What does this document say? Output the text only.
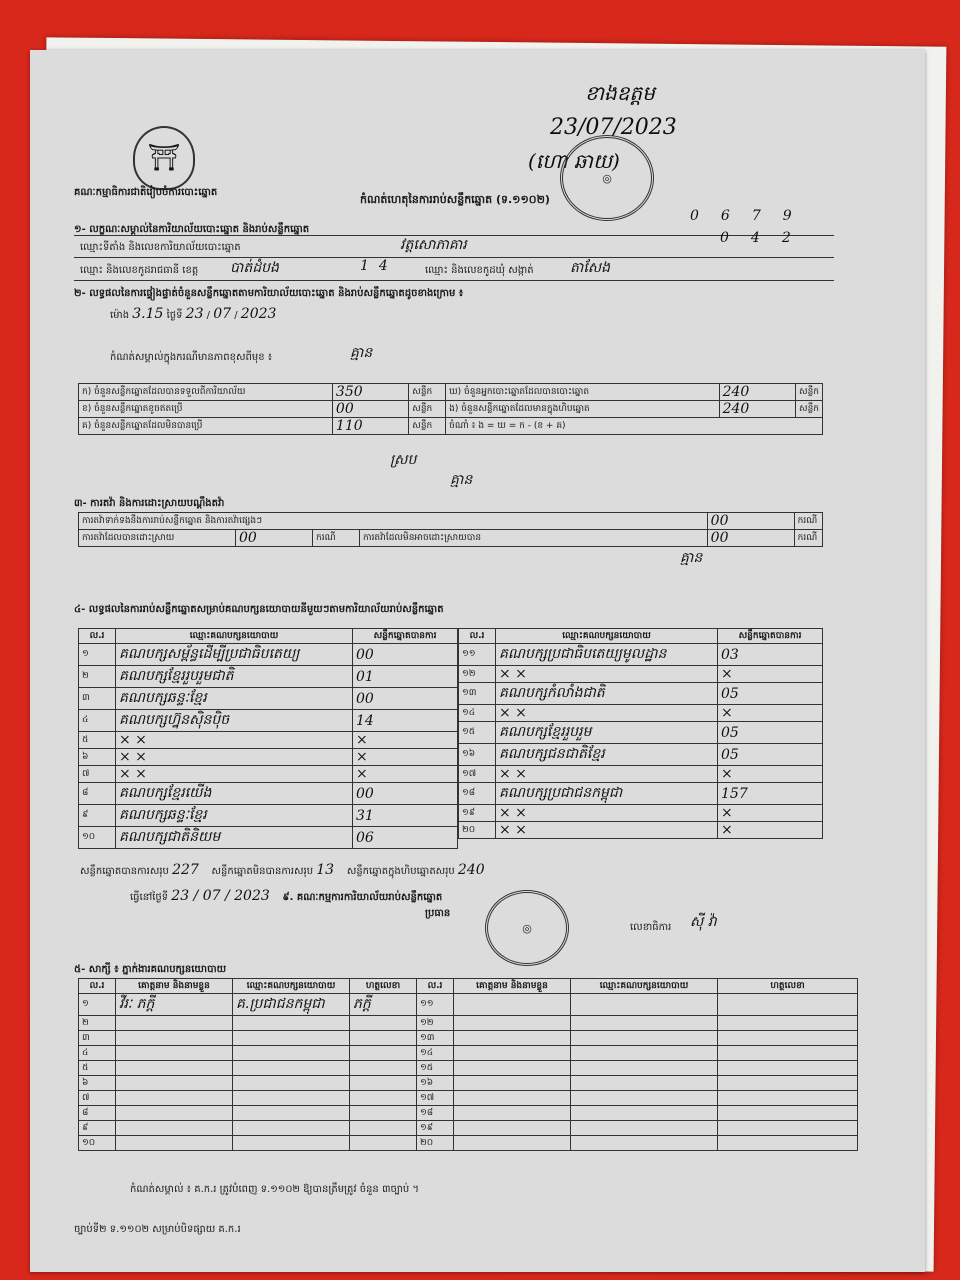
⛩
គណៈកម្មាធិការជាតិរៀបចំការបោះឆ្នោត
កំណត់ហេតុនៃការរាប់សន្លឹកឆ្នោត (ទ.១១០២)
ខាងឧត្តម
23/07/2023
(ហោ ឆាយ)
◎
១- លក្ខណៈសម្គាល់នៃការិយាល័យបោះឆ្នោត និងរាប់សន្លឹកឆ្នោត
ឈ្មោះទីតាំង និងលេខការិយាល័យបោះឆ្នោត	វត្តសោភាគារ
0679
ឈ្មោះ និងលេខកូដរាជធានី ខេត្ត បាត់ដំបង	14	ឈ្មោះ និងលេខកូដឃុំ សង្កាត់	តាសែង
042
២- លទ្ធផលនៃការផ្ទៀងផ្ទាត់ចំនួនសន្លឹកឆ្នោតតាមការិយាល័យបោះឆ្នោត និងរាប់សន្លឹកឆ្នោតដូចខាងក្រោម ៖
ម៉ោង 3.15 ថ្ងៃទី 23 / 07 / 2023
កំណត់សម្គាល់ក្នុងករណីមានភាពខុសពីមុខ ៖	គ្មាន
ក) ចំនួនសន្លឹកឆ្នោតដែលបានទទួលពីការិយាល័យ	350	សន្លឹក	ឃ) ចំនួនអ្នកបោះឆ្នោតដែលបានបោះឆ្នោត	240	សន្លឹក
ខ) ចំនួនសន្លឹកឆ្នោតខូចឥតប្រើ	00	សន្លឹក	ង) ចំនួនសន្លឹកឆ្នោតដែលមានក្នុងហិបឆ្នោត	240	សន្លឹក
គ) ចំនួនសន្លឹកឆ្នោតដែលមិនបានប្រើ	110	សន្លឹក	ចំណាំ ៖ ង = ឃ = ក - (ខ + គ)		
ស្រប
គ្មាន
៣- ការតវ៉ា និងការដោះស្រាយបណ្តឹងតវ៉ា
ការតវ៉ាទាក់ទងនឹងការរាប់សន្លឹកឆ្នោត និងការតវ៉ាផ្សេងៗ				00	ករណី
ការតវ៉ាដែលបានដោះស្រាយ	00	ករណី	ការតវ៉ាដែលមិនអាចដោះស្រាយបាន	00	ករណី
គ្មាន
៤- លទ្ធផលនៃការរាប់សន្លឹកឆ្នោតសម្រាប់គណបក្សនយោបាយនីមួយៗតាមការិយាល័យរាប់សន្លឹកឆ្នោត
ល.រ	ឈ្មោះគណបក្សនយោបាយ	សន្លឹកឆ្នោតបានការ
១	គណបក្សសម្ព័ន្ធដើម្បីប្រជាធិបតេយ្យ	00
២	គណបក្សខ្មែររួបរួមជាតិ	01
៣	គណបក្សឆន្ទៈខ្មែរ	00
៤	គណបក្សហ្វ៊ុនស៊ិនប៉ិច	14
៥	× ×	×
៦	× ×	×
៧	× ×	×
៨	គណបក្សខ្មែរយើង	00
៩	គណបក្សឆន្ទៈខ្មែរ	31
១០	គណបក្សជាតិនិយម	06
ល.រ	ឈ្មោះគណបក្សនយោបាយ	សន្លឹកឆ្នោតបានការ
១១	គណបក្សប្រជាធិបតេយ្យមូលដ្ឋាន	03
១២	× ×	×
១៣	គណបក្សកំលាំងជាតិ	05
១៤	× ×	×
១៥	គណបក្សខ្មែររួបរួម	05
១៦	គណបក្សជនជាតិខ្មែរ	05
១៧	× ×	×
១៨	គណបក្សប្រជាជនកម្ពុជា	157
១៩	× ×	×
២០	× ×	×
សន្លឹកឆ្នោតបានការសរុប 227 សន្លឹកឆ្នោតមិនបានការសរុប 13 សន្លឹកឆ្នោតក្នុងហិបឆ្នោតសរុប 240
ធ្វើនៅថ្ងៃទី 23 / 07 / 2023 ៩. គណៈកម្មការការិយាល័យរាប់សន្លឹកឆ្នោត
ប្រធាន
◎	លេខាធិការ ស៊ី វ៉ា
៥- សាក្សី ៖ ភ្នាក់ងារគណបក្សនយោបាយ
ល.រ	គោត្តនាម និងនាមខ្លួន	ឈ្មោះគណបក្សនយោបាយ	ហត្ថលេខា	ល.រ	គោត្តនាម និងនាមខ្លួន	ឈ្មោះគណបក្សនយោបាយ	ហត្ថលេខា
១	វីរៈ ភក្តី	គ.ប្រជាជនកម្ពុជា	ភក្តី	១១			
២				១២			
៣				១៣			
៤				១៤			
៥				១៥			
៦				១៦			
៧				១៧			
៨				១៨			
៩				១៩			
១០				២០			
កំណត់សម្គាល់ ៖ គ.ក.រ ត្រូវបំពេញ ទ.១១០២ ឱ្យបានត្រឹមត្រូវ ចំនួន ៣ច្បាប់ ។
ច្បាប់ទី២ ទ.១១០២ សម្រាប់បិទផ្សាយ គ.ក.រ
